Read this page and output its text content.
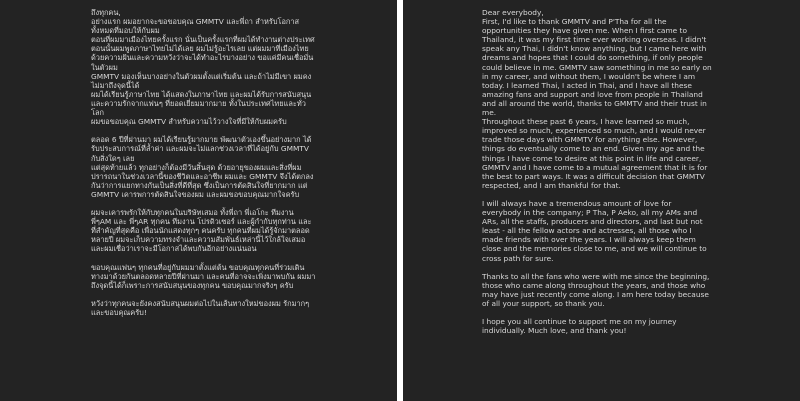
ถึงทุกคน,
อย่างแรก ผมอยากจะขอขอบคุณ GMMTV และพี่ถา สำหรับโอกาสทั้งหมดที่มอบให้กับผม
ตอนที่ผมมาเมืองไทยครั้งแรก นั่นเป็นครั้งแรกที่ผมได้ทำงานต่างประเทศ ตอนนั้นผมพูดภาษาไทยไม่ได้เลย ผมไม่รู้อะไรเลย แต่ผมมาที่เมืองไทยด้วยความฝันและความหวังว่าจะได้ทำอะไรบางอย่าง ขอแค่มีคนเชื่อมั่นในตัวผม
GMMTV มองเห็นบางอย่างในตัวผมตั้งแต่เริ่มต้น และถ้าไม่มีเขา ผมคงไม่มาถึงจุดนี้ได้
ผมได้เรียนรู้ภาษาไทย ได้แสดงในภาษาไทย และผมได้รับการสนับสนุนและความรักจากแฟนๆ ที่ยอดเยี่ยมมากมาย ทั้งในประเทศไทยและทั่วโลก
ผมขอขอบคุณ GMMTV สำหรับความไว้วางใจที่มีให้กับผมครับ

ตลอด 6 ปีที่ผ่านมา ผมได้เรียนรู้มากมาย พัฒนาตัวเองขึ้นอย่างมาก ได้รับประสบการณ์ที่ล้ำค่า และผมจะไม่แลกช่วงเวลาที่ได้อยู่กับ GMMTV กับสิ่งใดๆ เลย
แต่สุดท้ายแล้ว ทุกอย่างก็ต้องมีวันสิ้นสุด ด้วยอายุของผมและสิ่งที่ผมปรารถนาในช่วงเวลานี้ของชีวิตและอาชีพ ผมและ GMMTV จึงได้ตกลงกันว่าการแยกทางกันเป็นสิ่งที่ดีที่สุด ซึ่งเป็นการตัดสินใจที่ยากมาก แต่ GMMTV เคารพการตัดสินใจของผม และผมขอขอบคุณมากใจครับ

ผมจะเคารพรักให้กับทุกคนในบริษัทเสมอ ทั้งพี่ถา พี่เอโกะ ทีมงาน พี่ๆAM และ พี่ๆAR ทุกคน ทีมงาน โปรดิวเซอร์ และผู้กำกับทุกท่าน และที่สำคัญที่สุดคือ เพื่อนนักแสดงทุกๆ คนครับ ทุกคนที่ผมได้รู้จักมาตลอดหลายปี ผมจะเก็บความทรงจำและความสัมพันธ์เหล่านี้ไว้ใกล้ใจเสมอ และผมเชื่อว่าเราจะมีโอกาสได้พบกันอีกอย่างแน่นอน

ขอบคุณแฟนๆ ทุกคนที่อยู่กับผมมาตั้งแต่ต้น ขอบคุณทุกคนที่ร่วมเดินทางมาด้วยกันตลอดหลายปีที่ผ่านมา และคนที่อาจจะเพิ่งมาพบกัน ผมมาถึงจุดนี้ได้ก็เพราะการสนับสนุนของทุกคน ขอบคุณมากจริงๆ ครับ

หวังว่าทุกคนจะยังคงสนับสนุนผมต่อไปในเส้นทางใหม่ของผม รักมากๆ และขอบคุณครับ!
Dear everybody,
First, I'd like to thank GMMTV and P'Tha for all the opportunities they have given me. When I first came to Thailand, it was my first time ever working overseas. I didn't speak any Thai, I didn't know anything, but I came here with dreams and hopes that I could do something, if only people could believe in me. GMMTV saw something in me so early on in my career, and without them, I wouldn't be where I am today. I learned Thai, I acted in Thai, and I have all these amazing fans and support and love from people in Thailand and all around the world, thanks to GMMTV and their trust in me.
Throughout these past 6 years, I have learned so much, improved so much, experienced so much, and I would never trade those days with GMMTV for anything else. However, things do eventually come to an end. Given my age and the things I have come to desire at this point in life and career, GMMTV and I have come to a mutual agreement that it is for the best to part ways. It was a difficult decision that GMMTV respected, and I am thankful for that.

I will always have a tremendous amount of love for everybody in the company; P Tha, P Aeko, all my AMs and ARs, all the staffs, producers and directors, and last but not least - all the fellow actors and actresses, all those who I made friends with over the years. I will always keep them close and the memories close to me, and we will continue to cross path for sure.

Thanks to all the fans who were with me since the beginning, those who came along throughout the years, and those who may have just recently come along. I am here today because of all your support, so thank you.

I hope you all continue to support me on my journey individually. Much love, and thank you!
